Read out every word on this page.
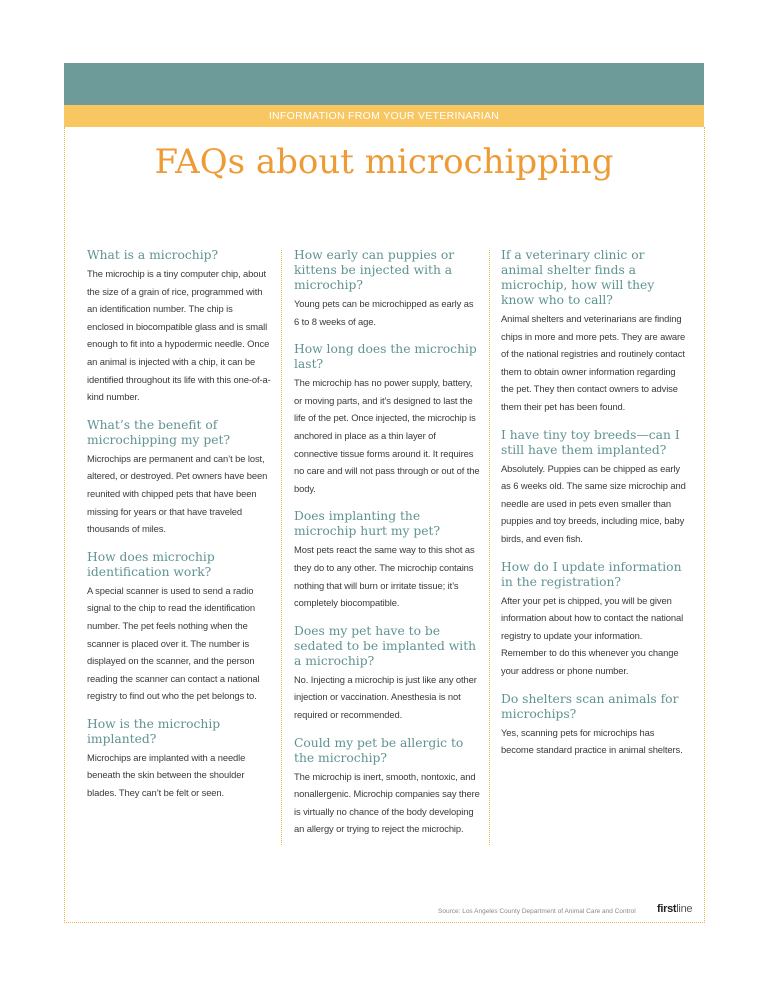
INFORMATION FROM YOUR VETERINARIAN
FAQs about microchipping
What is a microchip?

The microchip is a tiny computer chip, about the size of a grain of rice, programmed with an identification number. The chip is enclosed in biocompatible glass and is small enough to fit into a hypodermic needle. Once an animal is injected with a chip, it can be identified throughout its life with this one-of-a-kind number.

What’s the benefit of microchipping my pet?

Microchips are permanent and can’t be lost, altered, or destroyed. Pet owners have been reunited with chipped pets that have been missing for years or that have traveled thousands of miles.

How does microchip identification work?

A special scanner is used to send a radio signal to the chip to read the identification number. The pet feels nothing when the scanner is placed over it. The number is displayed on the scanner, and the person reading the scanner can contact a national registry to find out who the pet belongs to.

How is the microchip implanted?

Microchips are implanted with a needle beneath the skin between the shoulder blades. They can’t be felt or seen.

How early can puppies or kittens be injected with a microchip?

Young pets can be microchipped as early as 6 to 8 weeks of age.

How long does the microchip last?

The microchip has no power supply, battery, or moving parts, and it’s designed to last the life of the pet. Once injected, the microchip is anchored in place as a thin layer of connective tissue forms around it. It requires no care and will not pass through or out of the body.

Does implanting the microchip hurt my pet?

Most pets react the same way to this shot as they do to any other. The microchip contains nothing that will burn or irritate tissue; it’s completely biocompatible.

Does my pet have to be sedated to be implanted with a microchip?

No. Injecting a microchip is just like any other injection or vaccination. Anesthesia is not required or recommended.

Could my pet be allergic to the microchip?

The microchip is inert, smooth, nontoxic, and nonallergenic. Microchip companies say there is virtually no chance of the body developing an allergy or trying to reject the microchip.

If a veterinary clinic or animal shelter finds a microchip, how will they know who to call?

Animal shelters and veterinarians are finding chips in more and more pets. They are aware of the national registries and routinely contact them to obtain owner information regarding the pet. They then contact owners to advise them their pet has been found.

I have tiny toy breeds—can I still have them implanted?

Absolutely. Puppies can be chipped as early as 6 weeks old. The same size microchip and needle are used in pets even smaller than puppies and toy breeds, including mice, baby birds, and even fish.

How do I update information in the registration?

After your pet is chipped, you will be given information about how to contact the national registry to update your information. Remember to do this whenever you change your address or phone number.

Do shelters scan animals for microchips?

Yes, scanning pets for microchips has become standard practice in animal shelters.

Source: Los Angeles County Department of Animal Care and Control firstline
